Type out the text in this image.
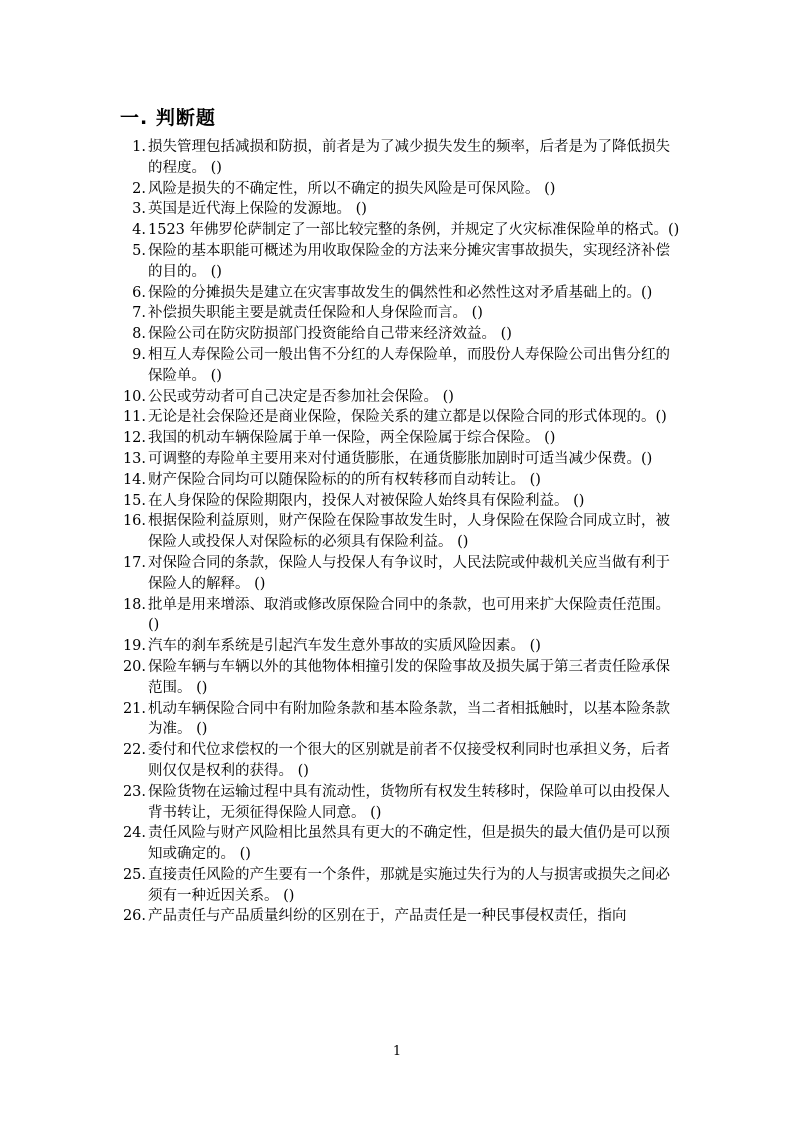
一. 判断题
1. 损失管理包括减损和防损，前者是为了减少损失发生的频率，后者是为了降低损失的程度。 ()
2. 风险是损失的不确定性，所以不确定的损失风险是可保风险。 ()
3. 英国是近代海上保险的发源地。 ()
4. 1523 年佛罗伦萨制定了一部比较完整的条例，并规定了火灾标准保险单的格式。()
5. 保险的基本职能可概述为用收取保险金的方法来分摊灾害事故损失，实现经济补偿的目的。 ()
6. 保险的分摊损失是建立在灾害事故发生的偶然性和必然性这对矛盾基础上的。()
7. 补偿损失职能主要是就责任保险和人身保险而言。 ()
8. 保险公司在防灾防损部门投资能给自己带来经济效益。 ()
9. 相互人寿保险公司一般出售不分红的人寿保险单，而股份人寿保险公司出售分红的保险单。 ()
10. 公民或劳动者可自己决定是否参加社会保险。 ()
11. 无论是社会保险还是商业保险，保险关系的建立都是以保险合同的形式体现的。()
12. 我国的机动车辆保险属于单一保险，两全保险属于综合保险。 ()
13. 可调整的寿险单主要用来对付通货膨胀，在通货膨胀加剧时可适当减少保费。()
14. 财产保险合同均可以随保险标的的所有权转移而自动转让。 ()
15. 在人身保险的保险期限内，投保人对被保险人始终具有保险利益。 ()
16. 根据保险利益原则，财产保险在保险事故发生时，人身保险在保险合同成立时，被保险人或投保人对保险标的必须具有保险利益。 ()
17. 对保险合同的条款，保险人与投保人有争议时，人民法院或仲裁机关应当做有利于保险人的解释。 ()
18. 批单是用来增添、取消或修改原保险合同中的条款，也可用来扩大保险责任范围。()
19. 汽车的刹车系统是引起汽车发生意外事故的实质风险因素。 ()
20. 保险车辆与车辆以外的其他物体相撞引发的保险事故及损失属于第三者责任险承保范围。 ()
21. 机动车辆保险合同中有附加险条款和基本险条款，当二者相抵触时，以基本险条款为准。 ()
22. 委付和代位求偿权的一个很大的区别就是前者不仅接受权利同时也承担义务，后者则仅仅是权利的获得。 ()
23. 保险货物在运输过程中具有流动性，货物所有权发生转移时，保险单可以由投保人背书转让，无须征得保险人同意。 ()
24. 责任风险与财产风险相比虽然具有更大的不确定性，但是损失的最大值仍是可以预知或确定的。 ()
25. 直接责任风险的产生要有一个条件，那就是实施过失行为的人与损害或损失之间必须有一种近因关系。 ()
26. 产品责任与产品质量纠纷的区别在于，产品责任是一种民事侵权责任，指向
1
